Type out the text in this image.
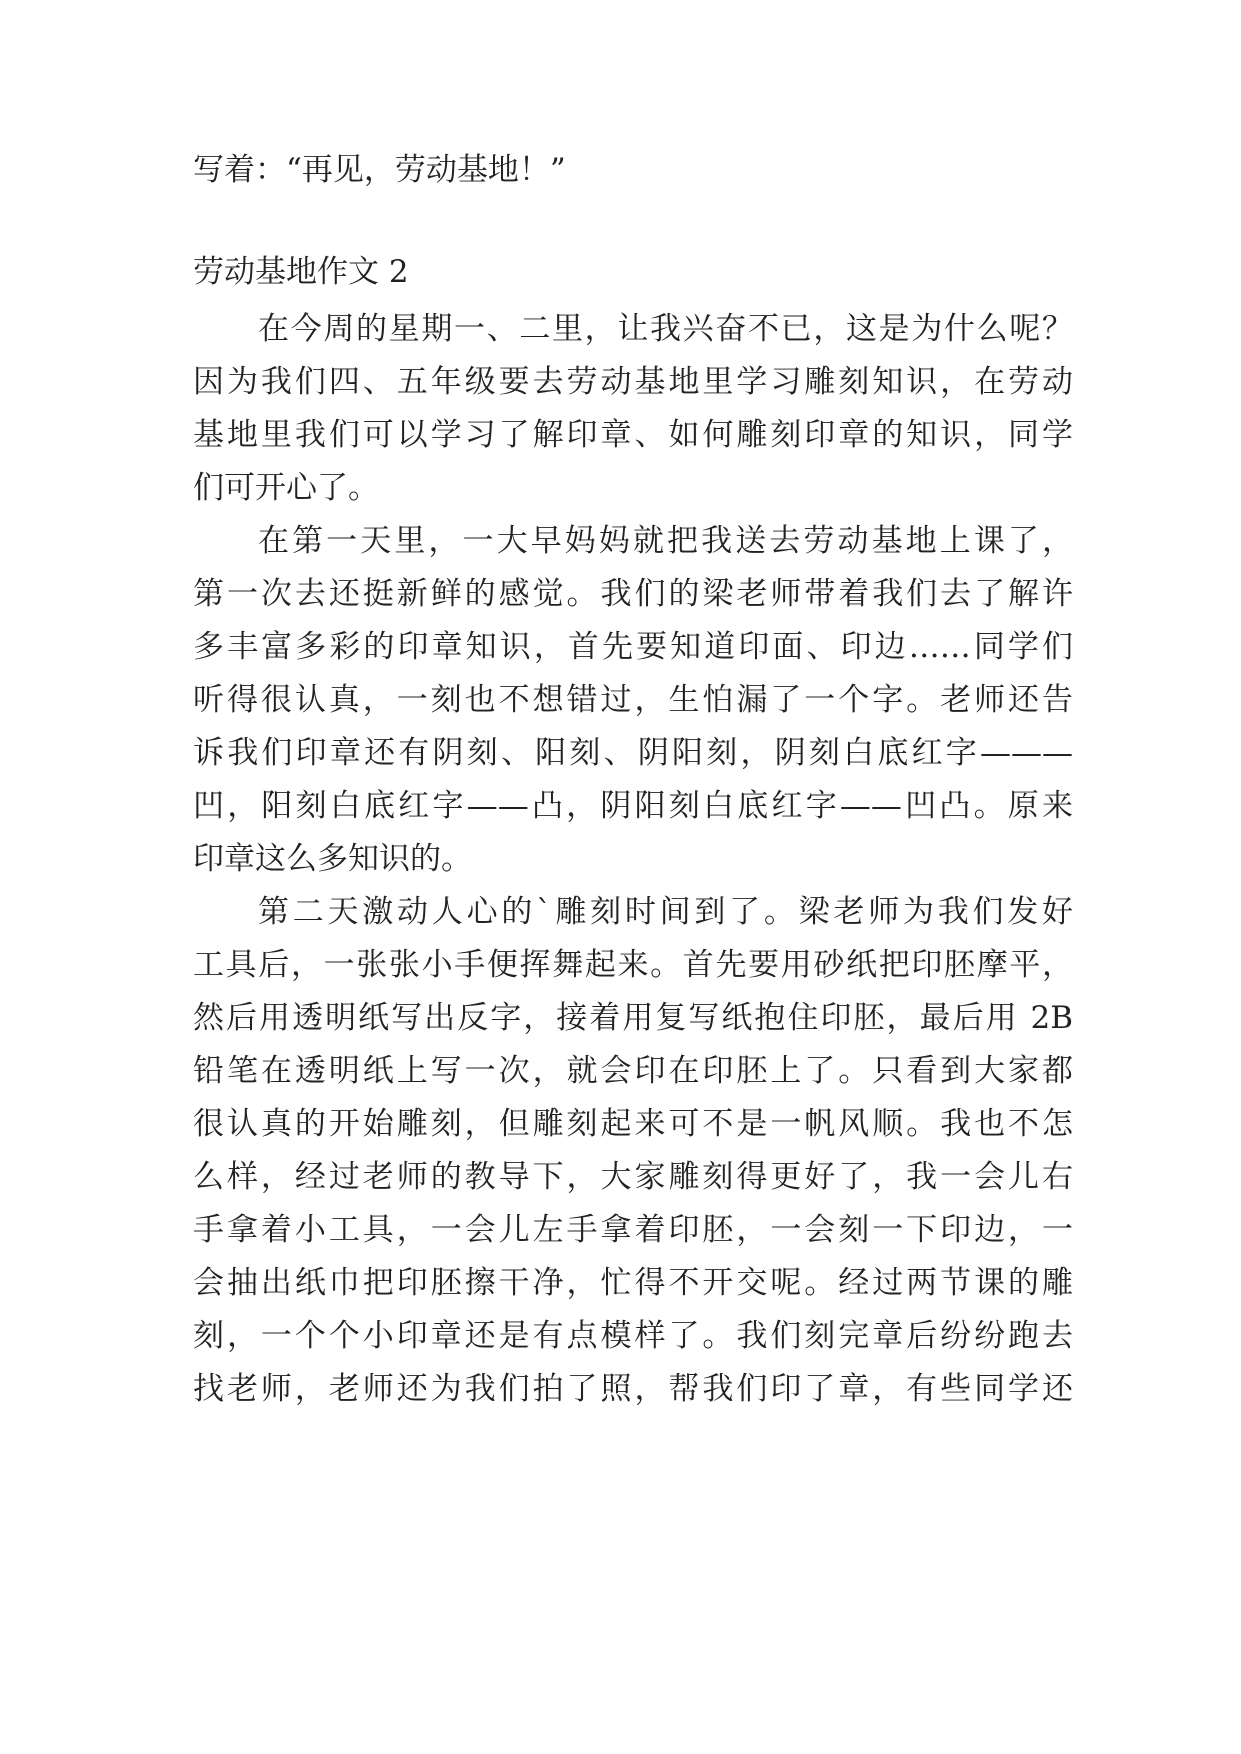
写着：“再见，劳动基地！”
劳动基地作文 2
在今周的星期一、二里，让我兴奋不已，这是为什么呢？
因为我们四、五年级要去劳动基地里学习雕刻知识，在劳动
基地里我们可以学习了解印章、如何雕刻印章的知识，同学
们可开心了。
在第一天里，一大早妈妈就把我送去劳动基地上课了，
第一次去还挺新鲜的感觉。我们的梁老师带着我们去了解许
多丰富多彩的印章知识，首先要知道印面、印边……同学们
听得很认真，一刻也不想错过，生怕漏了一个字。老师还告
诉我们印章还有阴刻、阳刻、阴阳刻，阴刻白底红字———
凹，阳刻白底红字——凸，阴阳刻白底红字——凹凸。原来
印章这么多知识的。
第二天激动人心的`雕刻时间到了。梁老师为我们发好
工具后，一张张小手便挥舞起来。首先要用砂纸把印胚摩平，
然后用透明纸写出反字，接着用复写纸抱住印胚，最后用 2B
铅笔在透明纸上写一次，就会印在印胚上了。只看到大家都
很认真的开始雕刻，但雕刻起来可不是一帆风顺。我也不怎
么样，经过老师的教导下，大家雕刻得更好了，我一会儿右
手拿着小工具，一会儿左手拿着印胚，一会刻一下印边，一
会抽出纸巾把印胚擦干净，忙得不开交呢。经过两节课的雕
刻，一个个小印章还是有点模样了。我们刻完章后纷纷跑去
找老师，老师还为我们拍了照，帮我们印了章，有些同学还
